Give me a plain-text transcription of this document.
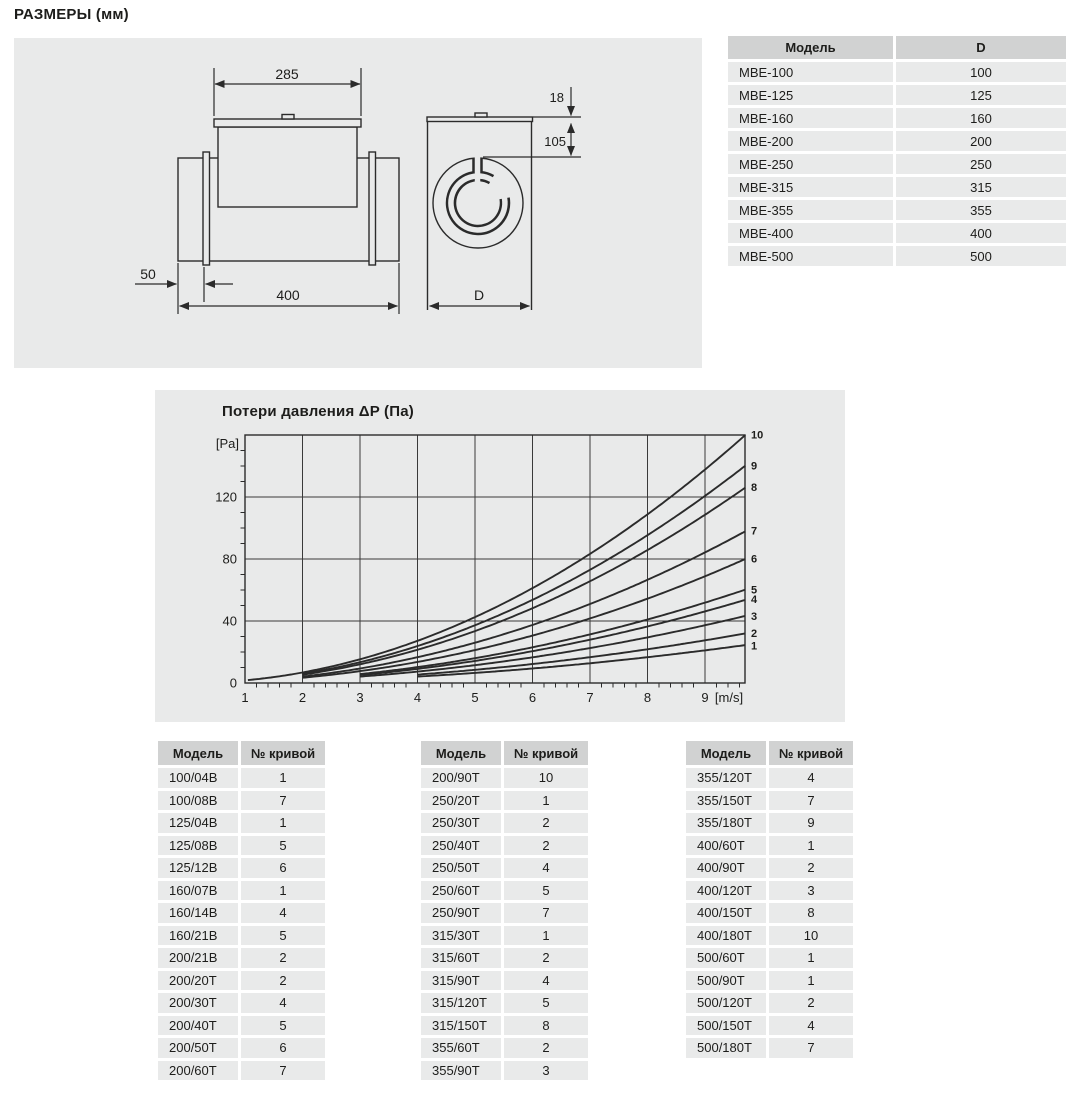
РАЗМЕРЫ (мм)
285
50
400
18
105
D
Модель	D
МВЕ-100	100
МВЕ-125	125
МВЕ-160	160
МВЕ-200	200
МВЕ-250	250
МВЕ-315	315
МВЕ-355	355
МВЕ-400	400
МВЕ-500	500
Потери давления ΔP (Па)
1	2	3	4	5	6	7	8	9
0
40
80
120
[m/s]
[Pa]
1
2
3
4
5
6
7
8
9
10
Модель	№ кривой
100/04В	1
100/08В	7
125/04В	1
125/08В	5
125/12В	6
160/07В	1
160/14В	4
160/21В	5
200/21В	2
200/20Т	2
200/30Т	4
200/40Т	5
200/50Т	6
200/60Т	7
Модель	№ кривой
200/90Т	10
250/20Т	1
250/30Т	2
250/40Т	2
250/50Т	4
250/60Т	5
250/90Т	7
315/30Т	1
315/60Т	2
315/90Т	4
315/120Т	5
315/150Т	8
355/60Т	2
355/90Т	3
Модель	№ кривой
355/120Т	4
355/150Т	7
355/180Т	9
400/60Т	1
400/90Т	2
400/120Т	3
400/150Т	8
400/180Т	10
500/60Т	1
500/90Т	1
500/120Т	2
500/150Т	4
500/180Т	7
